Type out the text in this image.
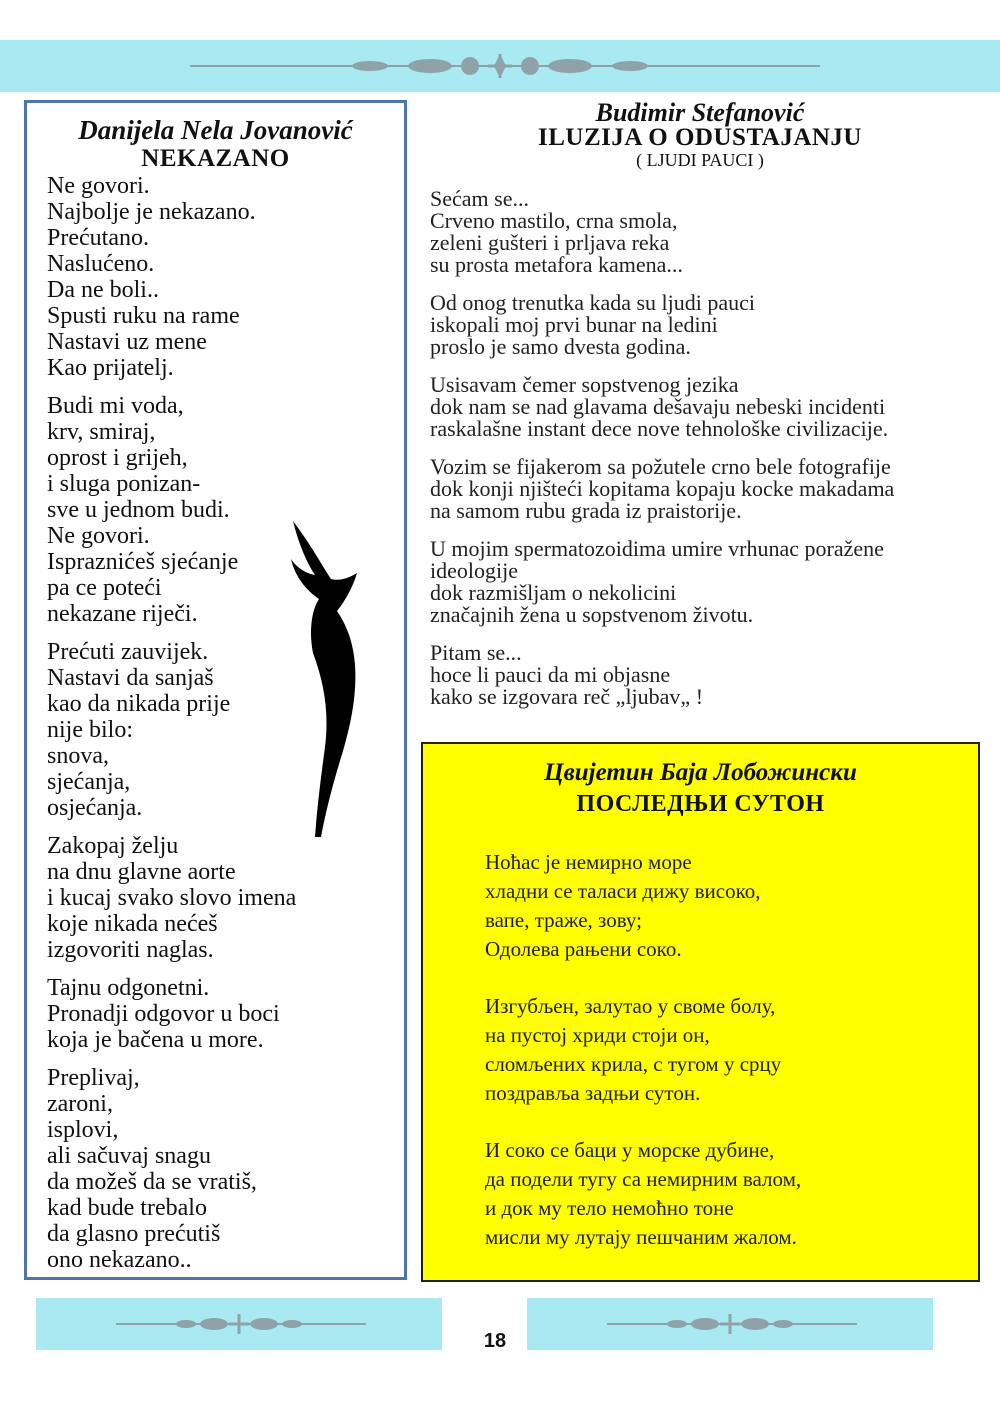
Danijela Nela Jovanović
NEKAZANO
Ne govori.
Najbolje je nekazano.
Prećutano.
Naslućeno.
Da ne boli..
Spusti ruku na rame
Nastavi uz mene
Kao prijatelj.
Budi mi voda,
krv, smiraj,
oprost i grijeh,
i sluga ponizan-
sve u jednom budi.
Ne govori.
Ispraznićeš sjećanje
pa ce poteći
nekazane riječi.
Prećuti zauvijek.
Nastavi da sanjaš
kao da nikada prije
nije bilo:
snova,
sjećanja,
osjećanja.
Zakopaj želju
na dnu glavne aorte
i kucaj svako slovo imena
koje nikada nećeš
izgovoriti naglas.
Tajnu odgonetni.
Pronadji odgovor u boci
koja je bačena u more.
Preplivaj,
zaroni,
isplovi,
ali sačuvaj snagu
da možeš da se vratiš,
kad bude trebalo
da glasno prećutiš
ono nekazano..
Budimir Stefanović
ILUZIJA O ODUSTAJANJU
( LJUDI PAUCI )
Sećam se...
Crveno mastilo, crna smola,
zeleni gušteri i prljava reka
su prosta metafora kamena...
Od onog trenutka kada su ljudi pauci
iskopali moj prvi bunar na ledini
proslo je samo dvesta godina.
Usisavam čemer sopstvenog jezika
dok nam se nad glavama dešavaju nebeski incidenti
raskalašne instant dece nove tehnološke civilizacije.
Vozim se fijakerom sa požutele crno bele fotografije
dok konji njišteći kopitama kopaju kocke makadama
na samom rubu grada iz praistorije.
U mojim spermatozoidima umire vrhunac poražene
ideologije
dok razmišljam o nekolicini
značajnih žena u sopstvenom životu.
Pitam se...
hoce li pauci da mi objasne
kako se izgovara reč „ljubav„ !
Цвијетин Баја Лобожински
ПОСЛЕДЊИ СУТОН
Ноћас је немирно море
хладни се таласи дижу високо,
вапе, траже, зову;
Одолева рањени соко.
Изгубљен, залутао у своме болу,
на пустој хриди стоји он,
сломљених крила, с тугом у срцу
поздравља задњи сутон.
И соко се баци у морске дубине,
да подели тугу са немирним валом,
и док му тело немоћно тоне
мисли му лутају пешчаним жалом.
18
